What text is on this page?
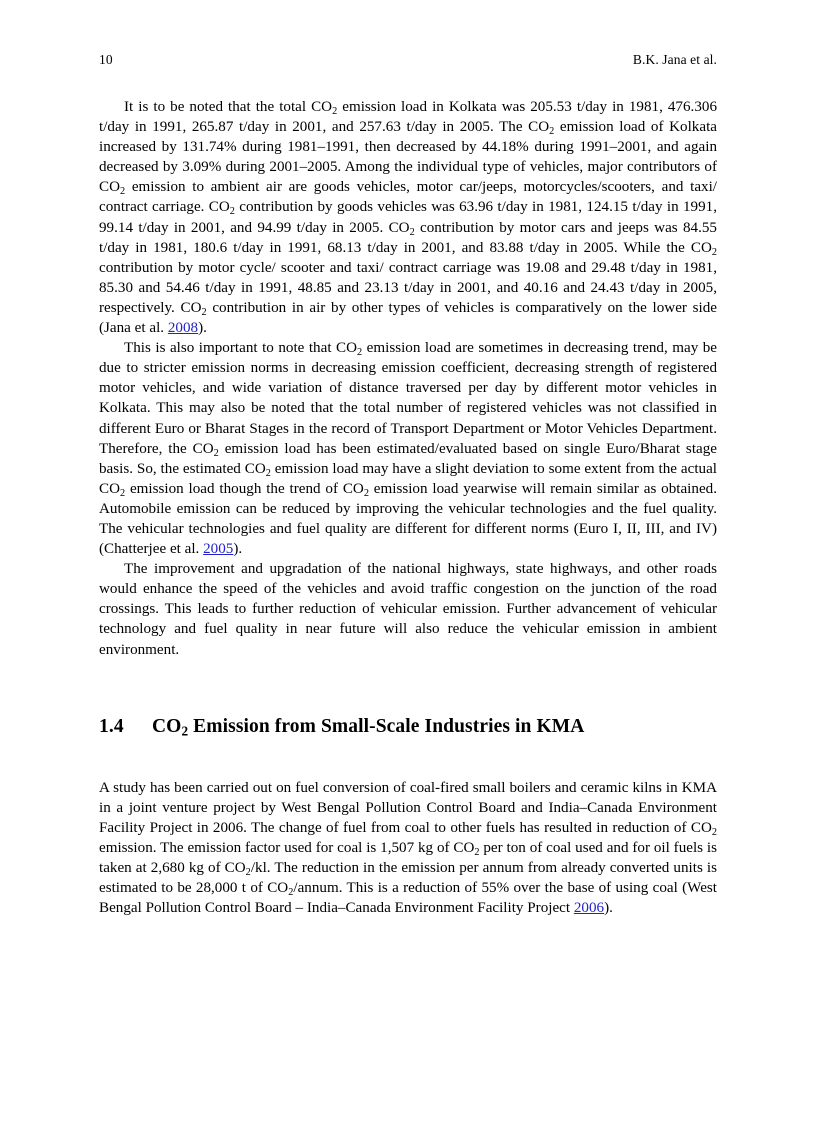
10	B.K. Jana et al.

It is to be noted that the total $CO_2$ emission load in Kolkata was 205.53 t/day in 1981, 476.306 t/day in 1991, 265.87 t/day in 2001, and 257.63 t/day in 2005. The $CO_2$ emission load of Kolkata increased by 131.74% during 1981–1991, then decreased by 44.18% during 1991–2001, and again decreased by 3.09% during 2001–2005. Among the individual type of vehicles, major contributors of $CO_2$ emission to ambient air are goods vehicles, motor car/jeeps, motorcycles/scooters, and taxi/ contract carriage. $CO_2$ contribution by goods vehicles was 63.96 t/day in 1981, 124.15 t/day in 1991, 99.14 t/day in 2001, and 94.99 t/day in 2005. $CO_2$ contribution by motor cars and jeeps was 84.55 t/day in 1981, 180.6 t/day in 1991, 68.13 t/day in 2001, and 83.88 t/day in 2005. While the $CO_2$ contribution by motor cycle/ scooter and taxi/ contract carriage was 19.08 and 29.48 t/day in 1981, 85.30 and 54.46 t/day in 1991, 48.85 and 23.13 t/day in 2001, and 40.16 and 24.43 t/day in 2005, respectively. $CO_2$ contribution in air by other types of vehicles is comparatively on the lower side (Jana et al. 2008).

This is also important to note that $CO_2$ emission load are sometimes in decreasing trend, may be due to stricter emission norms in decreasing emission coefficient, decreasing strength of registered motor vehicles, and wide variation of distance traversed per day by different motor vehicles in Kolkata. This may also be noted that the total number of registered vehicles was not classified in different Euro or Bharat Stages in the record of Transport Department or Motor Vehicles Department. Therefore, the $CO_2$ emission load has been estimated/evaluated based on single Euro/Bharat stage basis. So, the estimated $CO_2$ emission load may have a slight deviation to some extent from the actual $CO_2$ emission load though the trend of $CO_2$ emission load yearwise will remain similar as obtained. Automobile emission can be reduced by improving the vehicular technologies and the fuel quality. The vehicular technologies and fuel quality are different for different norms (Euro I, II, III, and IV) (Chatterjee et al. 2005).

The improvement and upgradation of the national highways, state highways, and other roads would enhance the speed of the vehicles and avoid traffic congestion on the junction of the road crossings. This leads to further reduction of vehicular emission. Further advancement of vehicular technology and fuel quality in near future will also reduce the vehicular emission in ambient environment.

1.4	$CO_2$ Emission from Small-Scale Industries in KMA

A study has been carried out on fuel conversion of coal-fired small boilers and ceramic kilns in KMA in a joint venture project by West Bengal Pollution Control Board and India–Canada Environment Facility Project in 2006. The change of fuel from coal to other fuels has resulted in reduction of $CO_2$ emission. The emission factor used for coal is 1,507 kg of $CO_2$ per ton of coal used and for oil fuels is taken at 2,680 kg of $CO_2/kl$. The reduction in the emission per annum from already converted units is estimated to be 28,000 t of $CO_2$/annum. This is a reduction of 55% over the base of using coal (West Bengal Pollution Control Board – India–Canada Environment Facility Project 2006).
